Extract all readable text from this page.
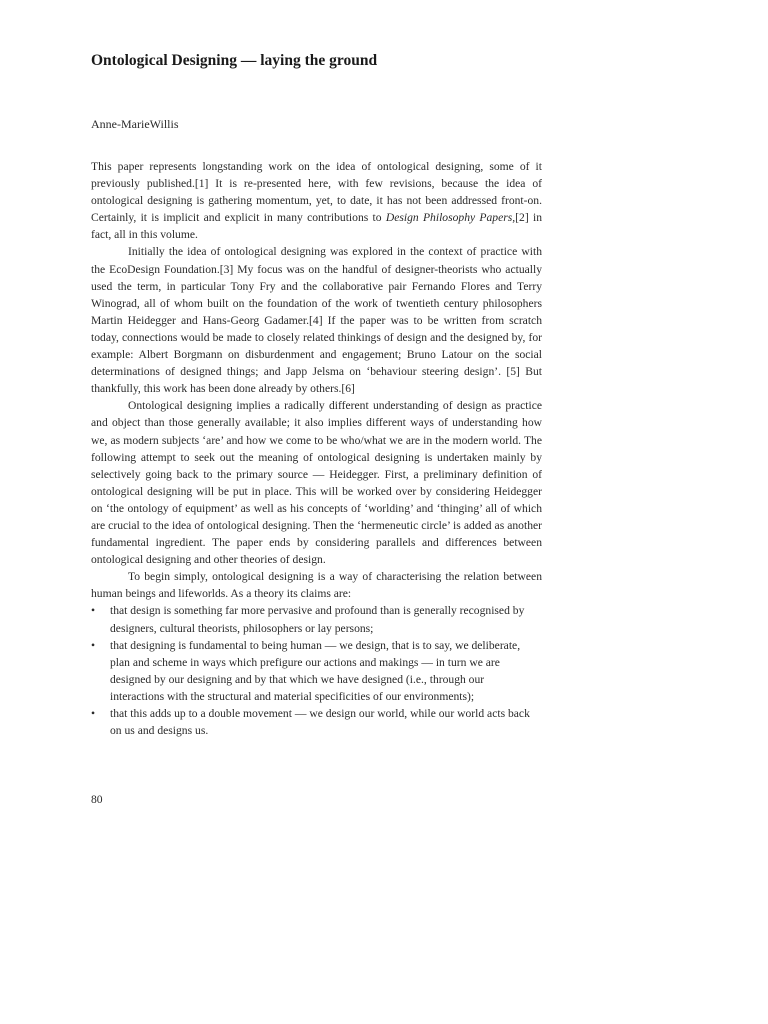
Ontological Designing — laying the ground

Anne-MarieWillis

This paper represents longstanding work on the idea of ontological designing, some of it previously published.[1] It is re-presented here, with few revisions, because the idea of ontological designing is gathering momentum, yet, to date, it has not been addressed front-on. Certainly, it is implicit and explicit in many contributions to Design Philosophy Papers,[2] in fact, all in this volume.

Initially the idea of ontological designing was explored in the context of practice with the EcoDesign Foundation.[3] My focus was on the handful of designer-theorists who actually used the term, in particular Tony Fry and the collaborative pair Fernando Flores and Terry Winograd, all of whom built on the foundation of the work of twentieth century philosophers Martin Heidegger and Hans-Georg Gadamer.[4] If the paper was to be written from scratch today, connections would be made to closely related thinkings of design and the designed by, for example: Albert Borgmann on disburdenment and engagement; Bruno Latour on the social determinations of designed things; and Japp Jelsma on ‘behaviour steering design’. [5] But thankfully, this work has been done already by others.[6]

Ontological designing implies a radically different understanding of design as practice and object than those generally available; it also implies different ways of understanding how we, as modern subjects ‘are’ and how we come to be who/what we are in the modern world. The following attempt to seek out the meaning of ontological designing is undertaken mainly by selectively going back to the primary source — Heidegger. First, a preliminary definition of ontological designing will be put in place. This will be worked over by considering Heidegger on ‘the ontology of equipment’ as well as his concepts of ‘worlding’ and ‘thinging’ all of which are crucial to the idea of ontological designing. Then the ‘hermeneutic circle’ is added as another fundamental ingredient. The paper ends by considering parallels and differences between ontological designing and other theories of design.

To begin simply, ontological designing is a way of characterising the relation between human beings and lifeworlds. As a theory its claims are:

• that design is something far more pervasive and profound than is generally recognised by designers, cultural theorists, philosophers or lay persons;
• that designing is fundamental to being human — we design, that is to say, we deliberate, plan and scheme in ways which prefigure our actions and makings — in turn we are designed by our designing and by that which we have designed (i.e., through our interactions with the structural and material specificities of our environments);
• that this adds up to a double movement — we design our world, while our world acts back on us and designs us.

80
